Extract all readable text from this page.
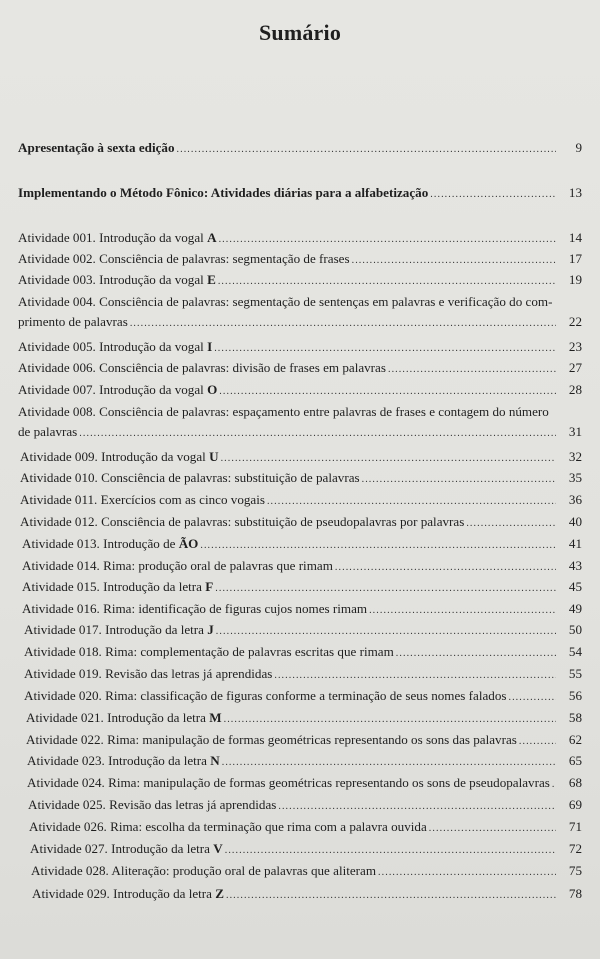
Sumário
Apresentação à sexta edição .....	9
Implementando o Método Fônico: Atividades diárias para a alfabetização .....	13
Atividade 001. Introdução da vogal A .....	14
Atividade 002. Consciência de palavras: segmentação de frases .....	17
Atividade 003. Introdução da vogal E .....	19
Atividade 004. Consciência de palavras: segmentação de sentenças em palavras e verificação do com-
primento de palavras .....	22
Atividade 005. Introdução da vogal I .....	23
Atividade 006. Consciência de palavras: divisão de frases em palavras .....	27
Atividade 007. Introdução da vogal O .....	28
Atividade 008. Consciência de palavras: espaçamento entre palavras de frases e contagem do número
de palavras .....	31
Atividade 009. Introdução da vogal U .....	32
Atividade 010. Consciência de palavras: substituição de palavras .....	35
Atividade 011. Exercícios com as cinco vogais .....	36
Atividade 012. Consciência de palavras: substituição de pseudopalavras por palavras .....	40
Atividade 013. Introdução de ÃO .....	41
Atividade 014. Rima: produção oral de palavras que rimam .....	43
Atividade 015. Introdução da letra F .....	45
Atividade 016. Rima: identificação de figuras cujos nomes rimam .....	49
Atividade 017. Introdução da letra J .....	50
Atividade 018. Rima: complementação de palavras escritas que rimam .....	54
Atividade 019. Revisão das letras já aprendidas .....	55
Atividade 020. Rima: classificação de figuras conforme a terminação de seus nomes falados .....	56
Atividade 021. Introdução da letra M .....	58
Atividade 022. Rima: manipulação de formas geométricas representando os sons das palavras .....	62
Atividade 023. Introdução da letra N .....	65
Atividade 024. Rima: manipulação de formas geométricas representando os sons de pseudopalavras .....	68
Atividade 025. Revisão das letras já aprendidas .....	69
Atividade 026. Rima: escolha da terminação que rima com a palavra ouvida .....	71
Atividade 027. Introdução da letra V .....	72
Atividade 028. Aliteração: produção oral de palavras que aliteram .....	75
Atividade 029. Introdução da letra Z .....	78
